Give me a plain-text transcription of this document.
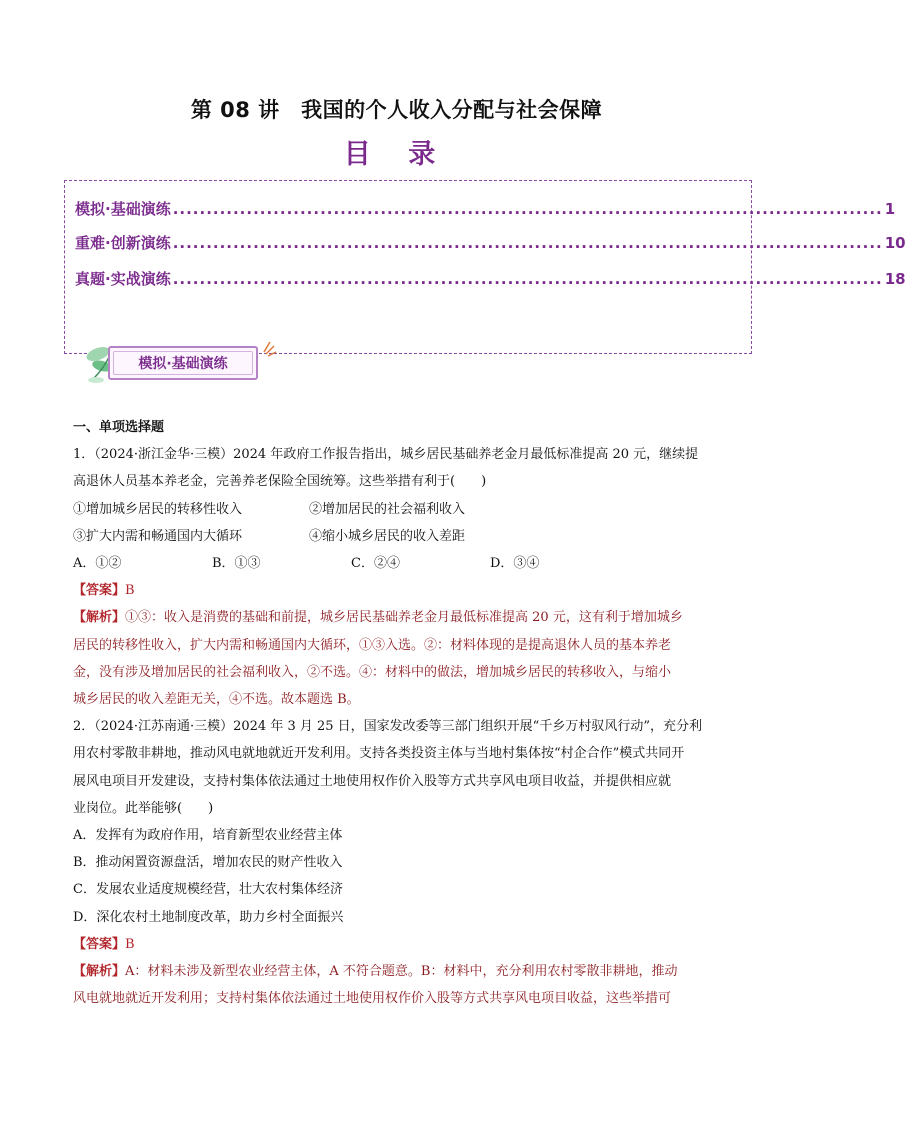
第 08 讲　我国的个人收入分配与社会保障
目 录
模拟·基础演练 .......................................................................................................... 1
重难·创新演练 .......................................................................................................... 10
真题·实战演练 .......................................................................................................... 18
模拟·基础演练

一、单项选择题

1．（2024·浙江金华·三模）2024 年政府工作报告指出，城乡居民基础养老金月最低标准提高 20 元，继续提

高退休人员基本养老金，完善养老保险全国统筹。这些举措有利于(　　)

①增加城乡居民的转移性收入	②增加居民的社会福利收入

③扩大内需和畅通国内大循环	④缩小城乡居民的收入差距

A．①②	B．①③	C．②④	D．③④

【答案】B

【解析】①③：收入是消费的基础和前提，城乡居民基础养老金月最低标准提高 20 元，这有利于增加城乡

居民的转移性收入，扩大内需和畅通国内大循环，①③入选。②：材料体现的是提高退休人员的基本养老

金，没有涉及增加居民的社会福利收入，②不选。④：材料中的做法，增加城乡居民的转移收入，与缩小

城乡居民的收入差距无关，④不选。故本题选 B。

2．（2024·江苏南通·三模）2024 年 3 月 25 日，国家发改委等三部门组织开展“千乡万村驭风行动”，充分利

用农村零散非耕地，推动风电就地就近开发利用。支持各类投资主体与当地村集体按“村企合作”模式共同开

展风电项目开发建设，支持村集体依法通过土地使用权作价入股等方式共享风电项目收益，并提供相应就

业岗位。此举能够(　　)

A．发挥有为政府作用，培育新型农业经营主体

B．推动闲置资源盘活，增加农民的财产性收入

C．发展农业适度规模经营，壮大农村集体经济

D．深化农村土地制度改革，助力乡村全面振兴

【答案】B

【解析】A：材料未涉及新型农业经营主体，A 不符合题意。B：材料中，充分利用农村零散非耕地，推动

风电就地就近开发利用；支持村集体依法通过土地使用权作价入股等方式共享风电项目收益，这些举措可
